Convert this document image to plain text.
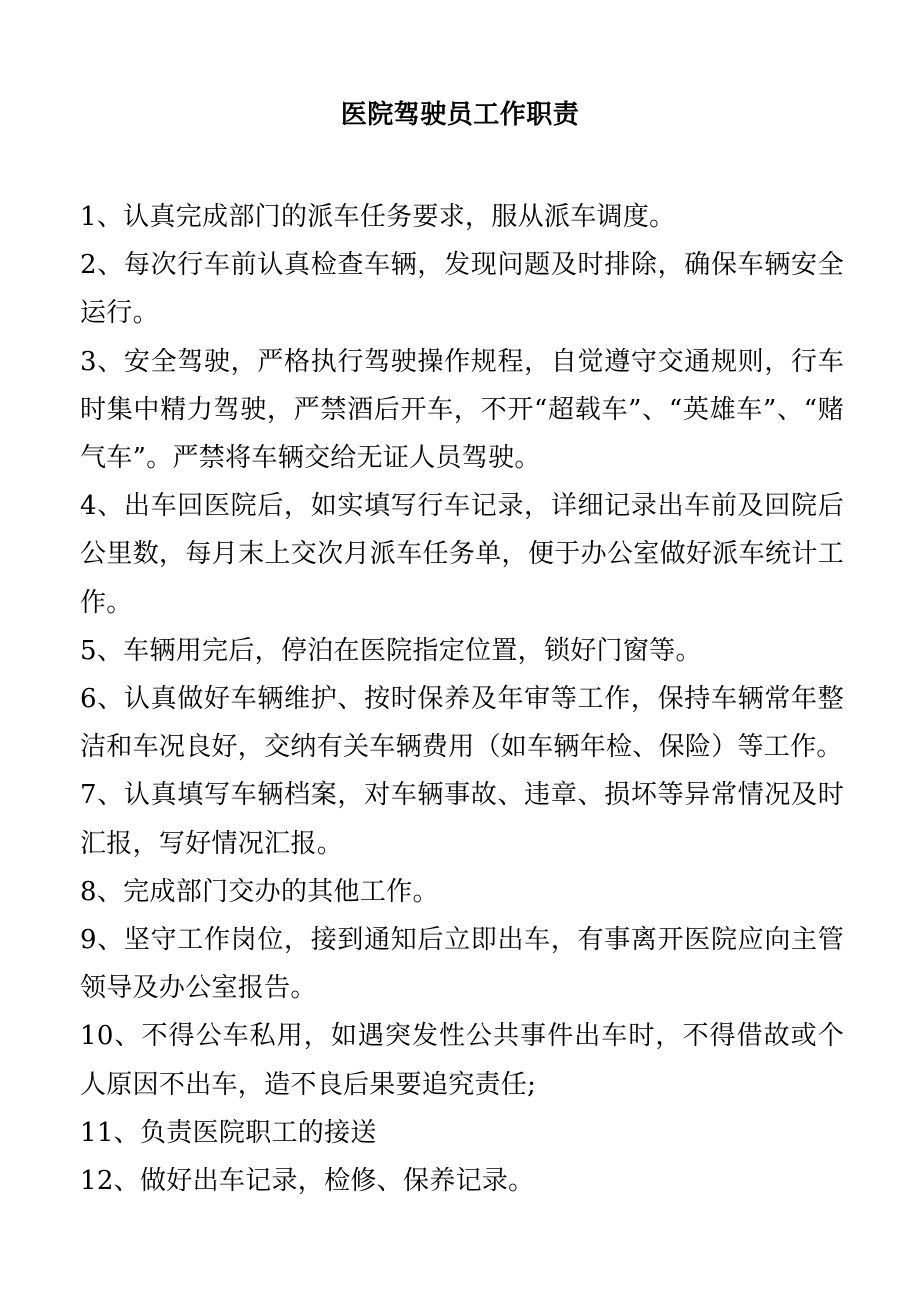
医院驾驶员工作职责
1、认真完成部门的派车任务要求，服从派车调度。
2、每次行车前认真检查车辆，发现问题及时排除，确保车辆安全运行。
3、安全驾驶，严格执行驾驶操作规程，自觉遵守交通规则，行车时集中精力驾驶，严禁酒后开车，不开“超载车”、“英雄车”、“赌气车”。严禁将车辆交给无证人员驾驶。
4、出车回医院后，如实填写行车记录，详细记录出车前及回院后公里数，每月末上交次月派车任务单，便于办公室做好派车统计工作。
5、车辆用完后，停泊在医院指定位置，锁好门窗等。
6、认真做好车辆维护、按时保养及年审等工作，保持车辆常年整洁和车况良好，交纳有关车辆费用（如车辆年检、保险）等工作。
7、认真填写车辆档案，对车辆事故、违章、损坏等异常情况及时汇报，写好情况汇报。
8、完成部门交办的其他工作。
9、坚守工作岗位，接到通知后立即出车，有事离开医院应向主管领导及办公室报告。
10、不得公车私用，如遇突发性公共事件出车时，不得借故或个人原因不出车，造不良后果要追究责任;
11、负责医院职工的接送
12、做好出车记录，检修、保养记录。
